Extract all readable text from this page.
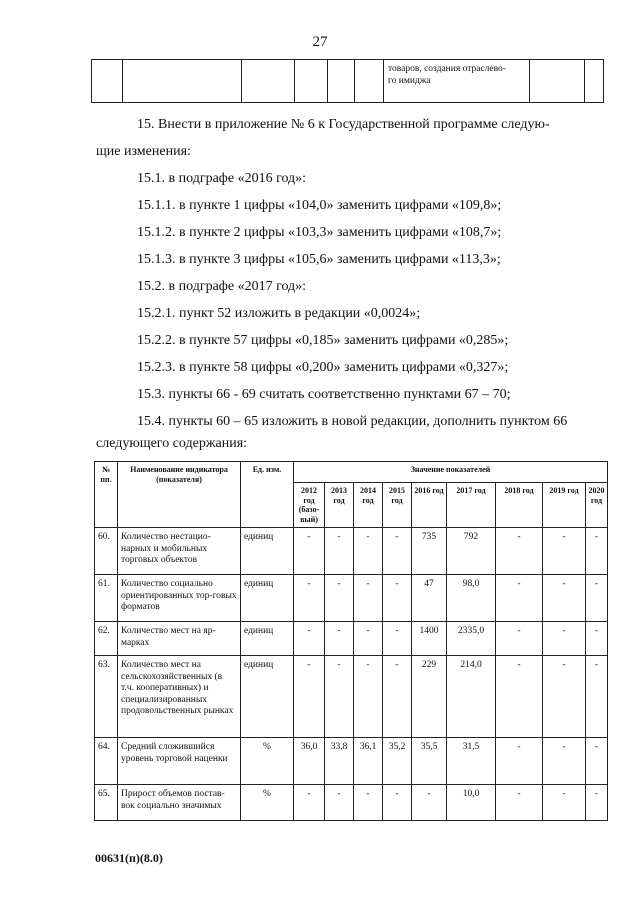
27

товаров, создания отраслево-
го имиджа

15. Внести в приложение № 6 к Государственной программе следую-
щие изменения:
15.1. в подграфе «2016 год»:
15.1.1. в пункте 1 цифры «104,0» заменить цифрами «109,8»;
15.1.2. в пункте 2 цифры «103,3» заменить цифрами «108,7»;
15.1.3. в пункте 3 цифры «105,6» заменить цифрами «113,3»;
15.2. в подграфе «2017 год»:
15.2.1. пункт 52 изложить в редакции «0,0024»;
15.2.2. в пункте 57 цифры «0,185» заменить цифрами «0,285»;
15.2.3. в пункте 58 цифры «0,200» заменить цифрами «0,327»;
15.3. пункты 66 - 69 считать соответственно пунктами 67 – 70;
15.4. пункты 60 – 65 изложить в новой редакции, дополнить пунктом 66
следующего содержания:
№ пп.	Наименование индикатора (показателя)	Ед. изм.	Значение показателей								
			2012 год (базо-вый)	2013 год	2014 год	2015 год	2016 год	2017 год	2018 год	2019 год	2020 год
60.	Количество нестацио-нарных и мобильных торговых объектов	единиц	-	-	-	-	735	792	-	-	-
61.	Количество социально ориентированных тор-говых форматов	единиц	-	-	-	-	47	98,0	-	-	-
62.	Количество мест на яр-марках	единиц	-	-	-	-	1400	2335,0	-	-	-
63.	Количество мест на сельскохозяйственных (в т.ч. кооперативных) и специализированных продовольственных рынках	единиц	-	-	-	-	229	214,0	-	-	-
64.	Средний сложившийся уровень торговой наценки	%	36,0	33,8	36,1	35,2	35,5	31,5	-	-	-
65.	Прирост объемов постав-вок социально значимых	%	-	-	-	-	-	10,0	-	-	-
00631(п)(8.0)
